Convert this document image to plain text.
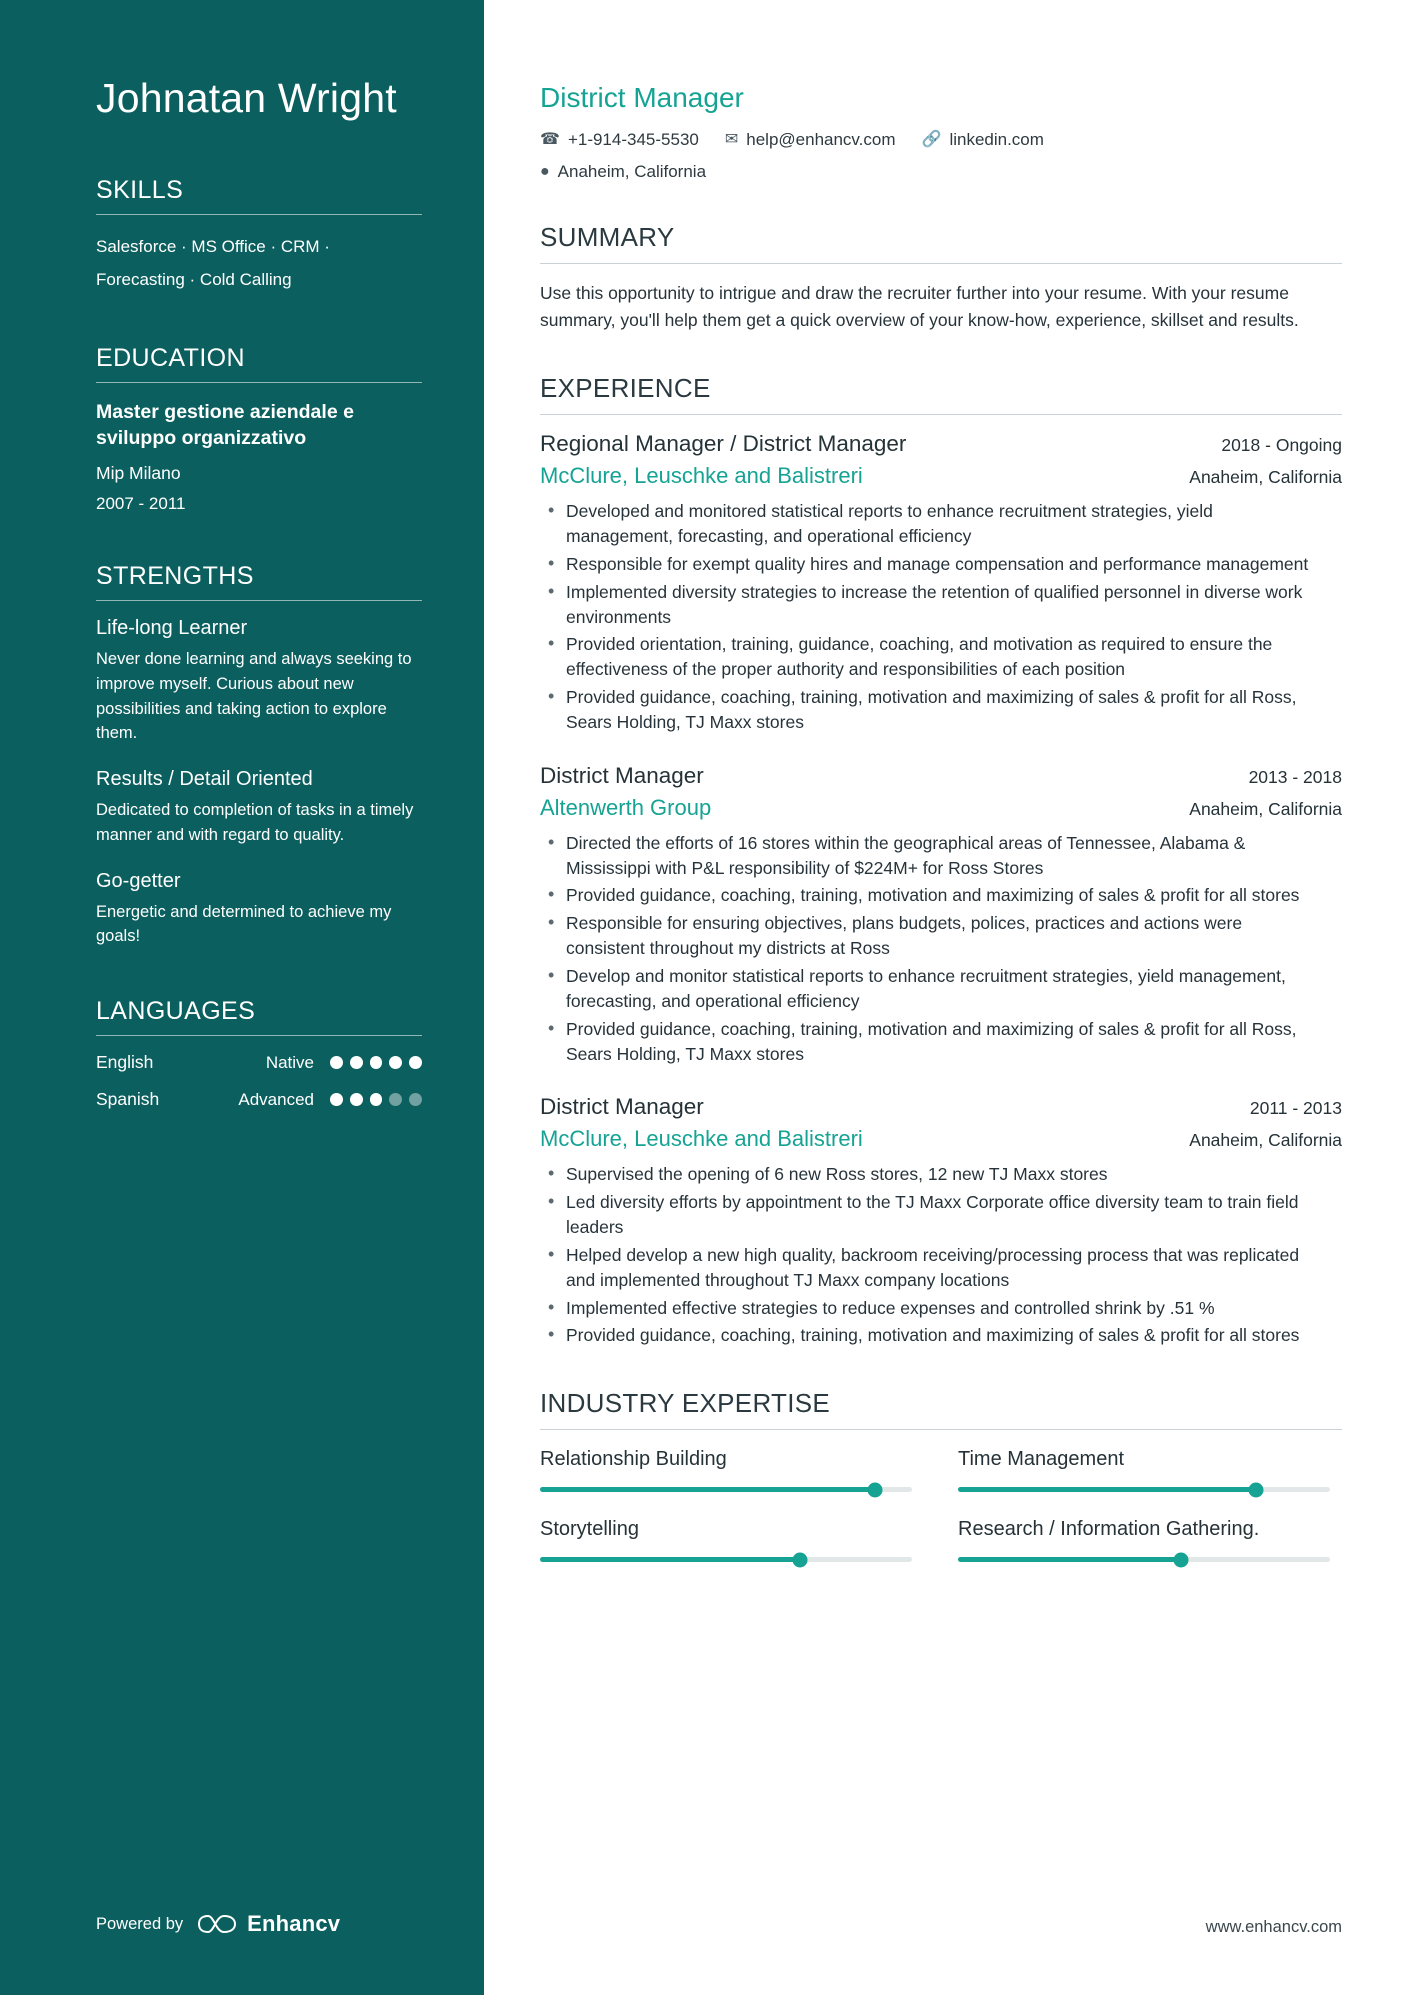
Johnatan Wright
SKILLS
Salesforce · MS Office · CRM ·
Forecasting · Cold Calling
EDUCATION
Master gestione aziendale e sviluppo organizzativo
Mip Milano
2007 - 2011
STRENGTHS
Life-long Learner
Never done learning and always seeking to improve myself. Curious about new possibilities and taking action to explore them.
Results / Detail Oriented
Dedicated to completion of tasks in a timely manner and with regard to quality.
Go-getter
Energetic and determined to achieve my goals!
LANGUAGES
English	Native
Spanish	Advanced
Powered by	Enhancv
District Manager
☎ +1-914-345-5530 ✉ help@enhancv.com 🔗 linkedin.com
● Anaheim, California
SUMMARY

Use this opportunity to intrigue and draw the recruiter further into your resume. With your resume summary, you'll help them get a quick overview of your know-how, experience, skillset and results.

EXPERIENCE
Regional Manager / District Manager	2018 - Ongoing
McClure, Leuschke and Balistreri	Anaheim, California
• Developed and monitored statistical reports to enhance recruitment strategies, yield management, forecasting, and operational efficiency
• Responsible for exempt quality hires and manage compensation and performance management
• Implemented diversity strategies to increase the retention of qualified personnel in diverse work environments
• Provided orientation, training, guidance, coaching, and motivation as required to ensure the effectiveness of the proper authority and responsibilities of each position
• Provided guidance, coaching, training, motivation and maximizing of sales & profit for all Ross, Sears Holding, TJ Maxx stores
District Manager	2013 - 2018
Altenwerth Group	Anaheim, California
• Directed the efforts of 16 stores within the geographical areas of Tennessee, Alabama & Mississippi with P&L responsibility of $224M+ for Ross Stores
• Provided guidance, coaching, training, motivation and maximizing of sales & profit for all stores
• Responsible for ensuring objectives, plans budgets, polices, practices and actions were consistent throughout my districts at Ross
• Develop and monitor statistical reports to enhance recruitment strategies, yield management, forecasting, and operational efficiency
• Provided guidance, coaching, training, motivation and maximizing of sales & profit for all Ross, Sears Holding, TJ Maxx stores
District Manager	2011 - 2013
McClure, Leuschke and Balistreri	Anaheim, California
• Supervised the opening of 6 new Ross stores, 12 new TJ Maxx stores
• Led diversity efforts by appointment to the TJ Maxx Corporate office diversity team to train field leaders
• Helped develop a new high quality, backroom receiving/processing process that was replicated and implemented throughout TJ Maxx company locations
• Implemented effective strategies to reduce expenses and controlled shrink by .51 %
• Provided guidance, coaching, training, motivation and maximizing of sales & profit for all stores
INDUSTRY EXPERTISE
Relationship Building	Time Management
Storytelling	Research / Information Gathering.
www.enhancv.com
